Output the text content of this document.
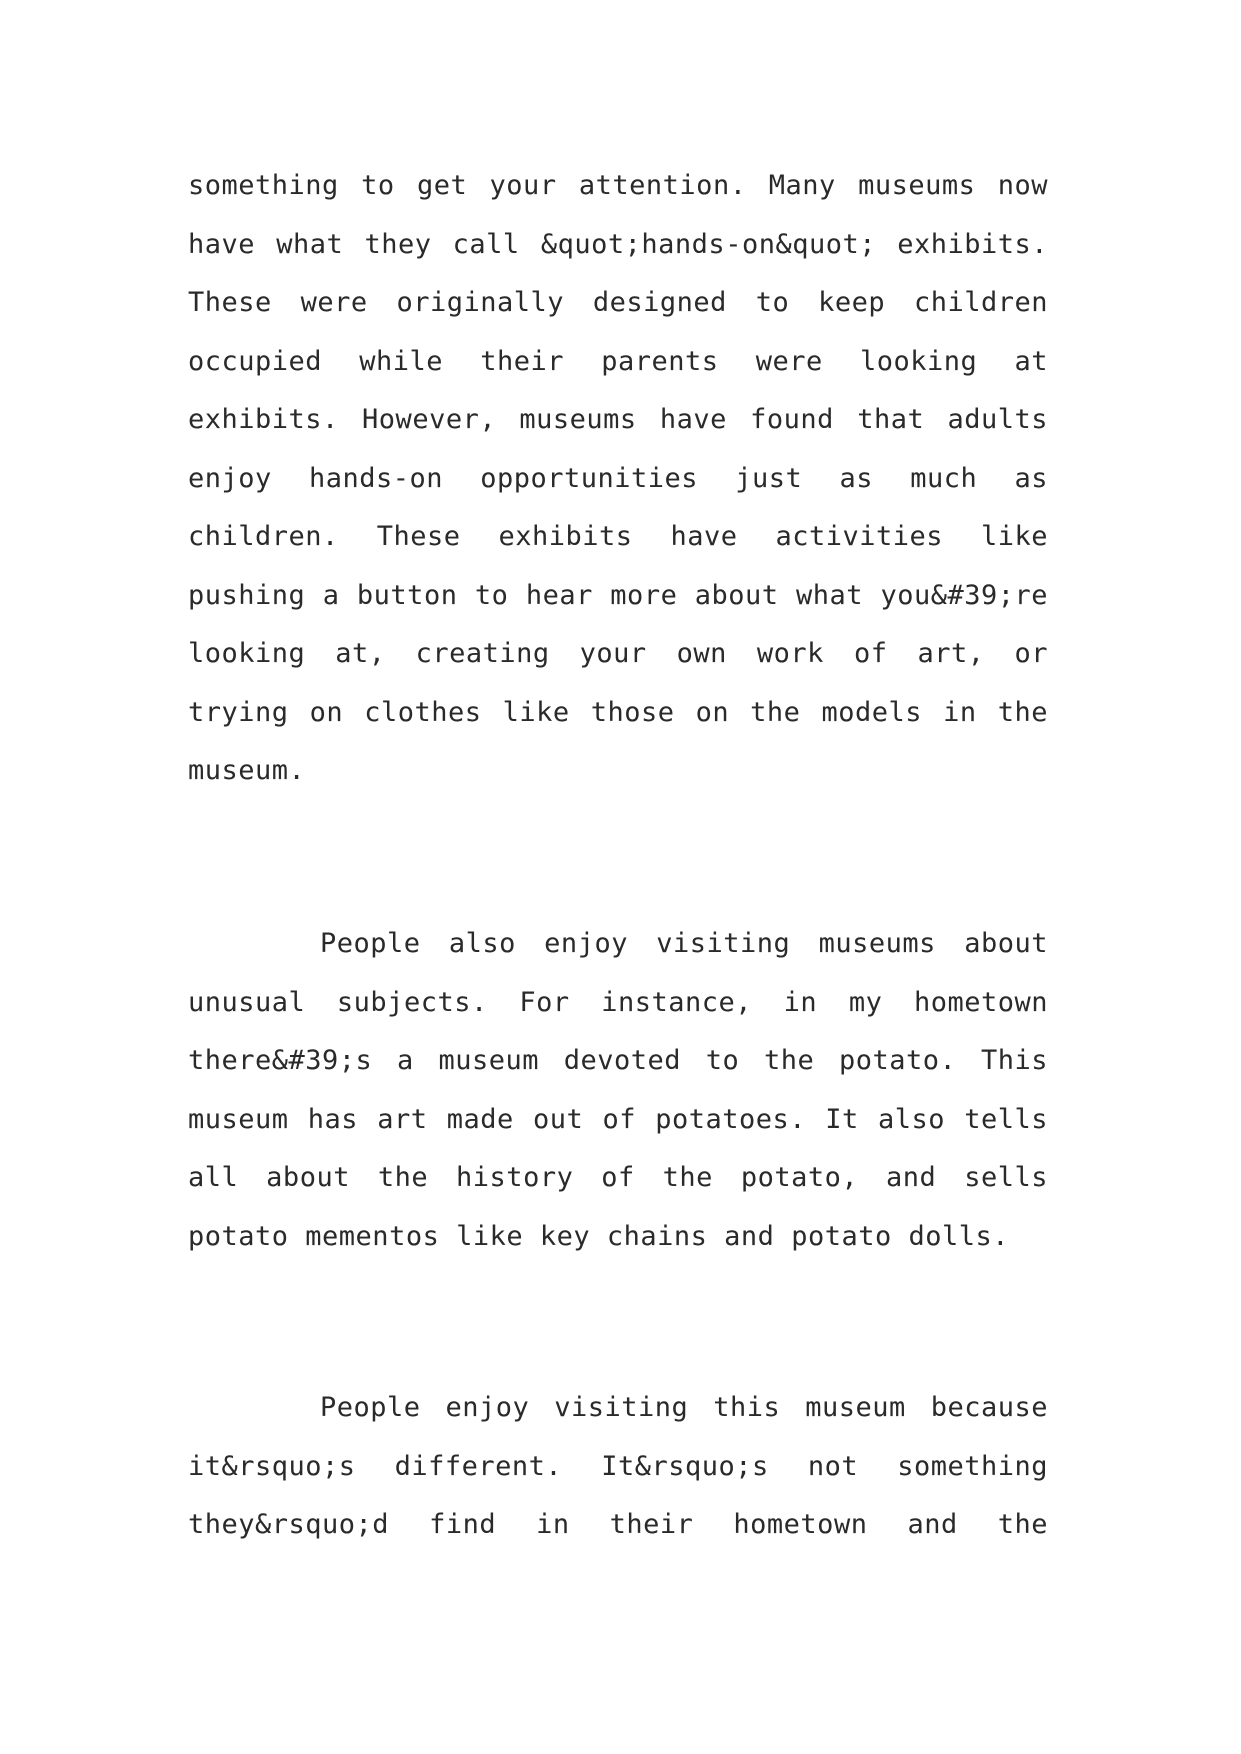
something to get your attention. Many museums now
have what they call &quot;hands-on&quot; exhibits.
These were originally designed to keep children
occupied while their parents were looking at
exhibits. However, museums have found that adults
enjoy hands-on opportunities just as much as
children. These exhibits have activities like
pushing a button to hear more about what you&#39;re
looking at, creating your own work of art, or
trying on clothes like those on the models in the
museum.
People also enjoy visiting museums about
unusual subjects. For instance, in my hometown
there&#39;s a museum devoted to the potato. This
museum has art made out of potatoes. It also tells
all about the history of the potato, and sells
potato mementos like key chains and potato dolls.
People enjoy visiting this museum because
it&rsquo;s different. It&rsquo;s not something
they&rsquo;d find in their hometown and the
